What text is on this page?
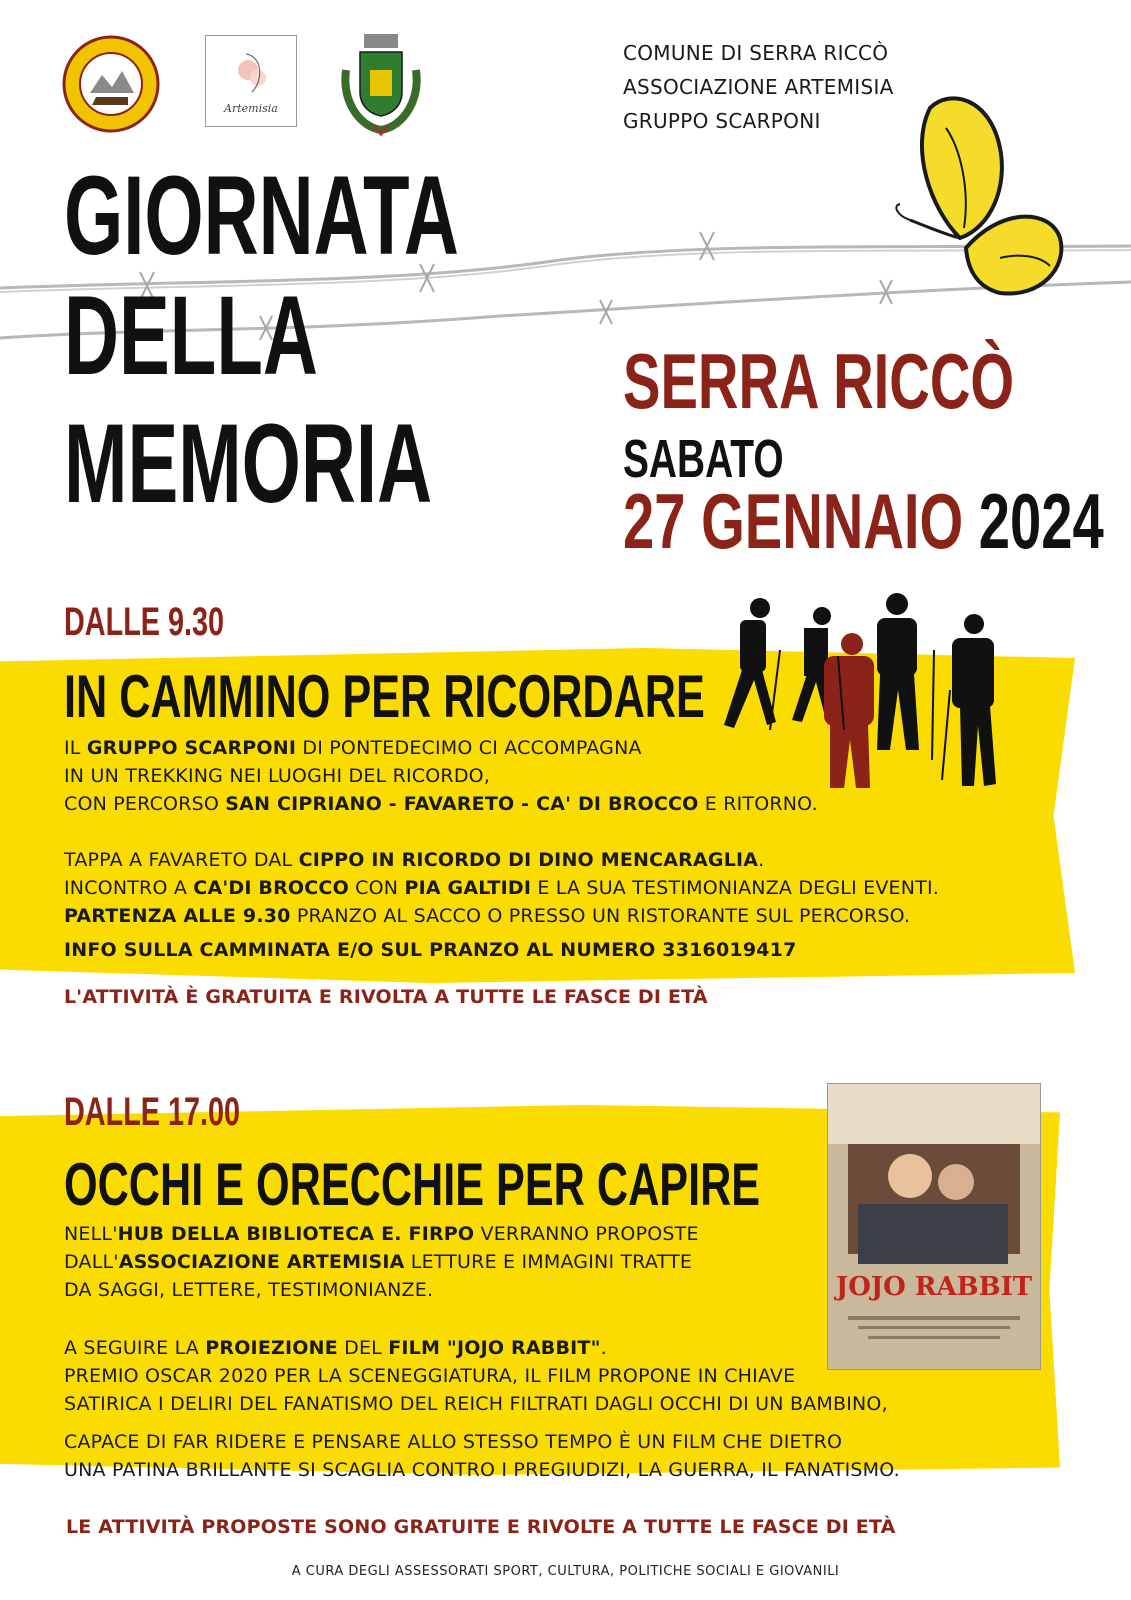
Artemisia
COMUNE DI SERRA RICCÒ
ASSOCIAZIONE ARTEMISIA
GRUPPO SCARPONI
GIORNATA
DELLA
MEMORIA
SERRA RICCÒ
SABATO
27 GENNAIO 2024
DALLE 9.30
IN CAMMINO PER RICORDARE
IL GRUPPO SCARPONI DI PONTEDECIMO CI ACCOMPAGNA
IN UN TREKKING NEI LUOGHI DEL RICORDO,
CON PERCORSO SAN CIPRIANO - FAVARETO - CA' DI BROCCO E RITORNO.
TAPPA A FAVARETO DAL CIPPO IN RICORDO DI DINO MENCARAGLIA.
INCONTRO A CA'DI BROCCO CON PIA GALTIDI E LA SUA TESTIMONIANZA DEGLI EVENTI.
PARTENZA ALLE 9.30 PRANZO AL SACCO O PRESSO UN RISTORANTE SUL PERCORSO.
INFO SULLA CAMMINATA E/O SUL PRANZO AL NUMERO 3316019417
L'ATTIVITÀ È GRATUITA E RIVOLTA A TUTTE LE FASCE DI ETÀ
JOJO RABBIT
DALLE 17.00
OCCHI E ORECCHIE PER CAPIRE
NELL'HUB DELLA BIBLIOTECA E. FIRPO VERRANNO PROPOSTE
DALL'ASSOCIAZIONE ARTEMISIA LETTURE E IMMAGINI TRATTE
DA SAGGI, LETTERE, TESTIMONIANZE.
A SEGUIRE LA PROIEZIONE DEL FILM "JOJO RABBIT".
PREMIO OSCAR 2020 PER LA SCENEGGIATURA, IL FILM PROPONE IN CHIAVE
SATIRICA I DELIRI DEL FANATISMO DEL REICH FILTRATI DAGLI OCCHI DI UN BAMBINO,
CAPACE DI FAR RIDERE E PENSARE ALLO STESSO TEMPO È UN FILM CHE DIETRO
UNA PATINA BRILLANTE SI SCAGLIA CONTRO I PREGIUDIZI, LA GUERRA, IL FANATISMO.
LE ATTIVITÀ PROPOSTE SONO GRATUITE E RIVOLTE A TUTTE LE FASCE DI ETÀ
A CURA DEGLI ASSESSORATI SPORT, CULTURA, POLITICHE SOCIALI E GIOVANILI
